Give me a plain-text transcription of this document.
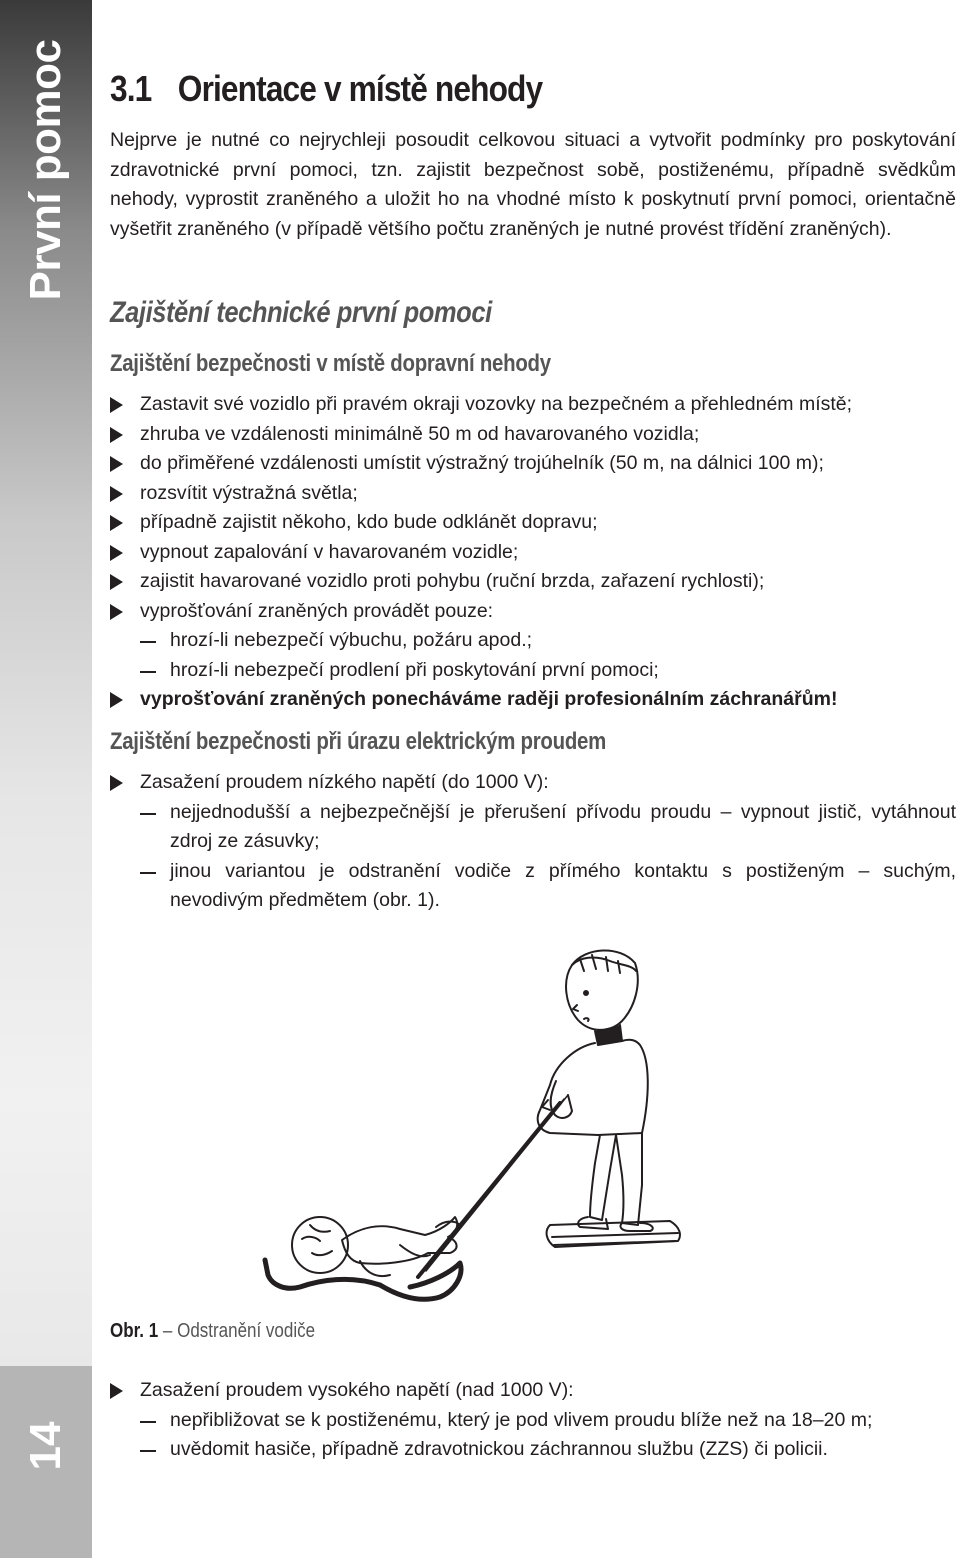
První pomoc
14
3.1 Orientace v místě nehody

Nejprve je nutné co nejrychleji posoudit celkovou situaci a vytvořit podmínky pro poskytování zdravotnické první pomoci, tzn. zajistit bezpečnost sobě, postiženému, případně svědkům nehody, vyprostit zraněného a uložit ho na vhodné místo k poskytnutí první pomoci, orientačně vyšetřit zraněného (v případě většího počtu zraněných je nutné provést třídění zraněných).

Zajištění technické první pomoci
Zajištění bezpečnosti v místě dopravní nehody
Zastavit své vozidlo při pravém okraji vozovky na bezpečném a přehledném místě;
zhruba ve vzdálenosti minimálně 50 m od havarovaného vozidla;
do přiměřené vzdálenosti umístit výstražný trojúhelník (50 m, na dálnici 100 m);
rozsvítit výstražná světla;
případně zajistit někoho, kdo bude odklánět dopravu;
vypnout zapalování v havarovaném vozidle;
zajistit havarované vozidlo proti pohybu (ruční brzda, zařazení rychlosti);
vyprošťování zraněných provádět pouze:
hrozí-li nebezpečí výbuchu, požáru apod.;
hrozí-li nebezpečí prodlení při poskytování první pomoci;
vyprošťování zraněných ponecháváme raději profesionálním záchranářům!
Zajištění bezpečnosti při úrazu elektrickým proudem
Zasažení proudem nízkého napětí (do 1000 V):
nejjednodušší a nejbezpečnější je přerušení přívodu proudu – vypnout jistič, vytáhnout zdroj ze zásuvky;
jinou variantou je odstranění vodiče z přímého kontaktu s postiženým – suchým, nevodivým předmětem (obr. 1).
Obr. 1 – Odstranění vodiče
Zasažení proudem vysokého napětí (nad 1000 V):
nepřibližovat se k postiženému, který je pod vlivem proudu blíže než na 18–20 m;
uvědomit hasiče, případně zdravotnickou záchrannou službu (ZZS) či policii.
